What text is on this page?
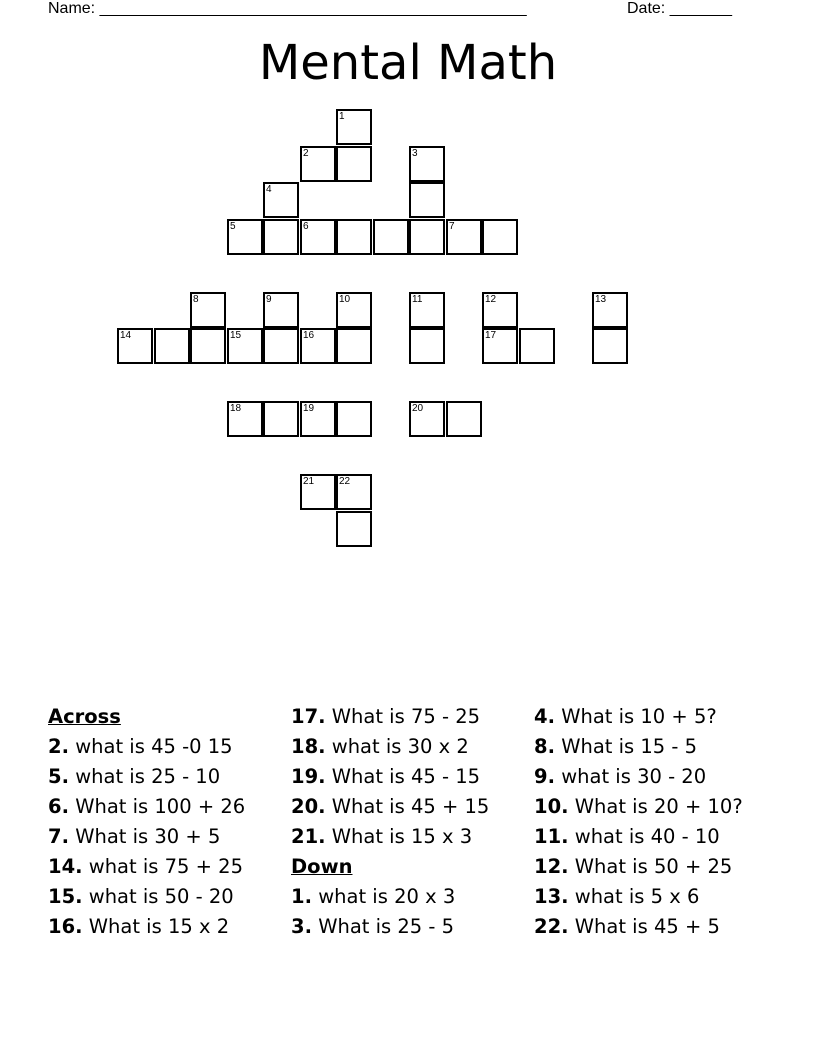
Name: ________________________________________________	Date: _______
Mental Math
1
2	3
4
5	6	7
8	9	10	11	12	13
14	15	16	17
18	19	20
21 22
Across
2. what is 45 -0 15
5. what is 25 - 10
6. What is 100 + 26
7. What is 30 + 5
14. what is 75 + 25
15. what is 50 - 20
16. What is 15 x 2
17. What is 75 - 25
18. what is 30 x 2
19. What is 45 - 15
20. What is 45 + 15
21. What is 15 x 3
Down
1. what is 20 x 3
3. What is 25 - 5
4. What is 10 + 5?
8. What is 15 - 5
9. what is 30 - 20
10. What is 20 + 10?
11. what is 40 - 10
12. What is 50 + 25
13. what is 5 x 6
22. What is 45 + 5
